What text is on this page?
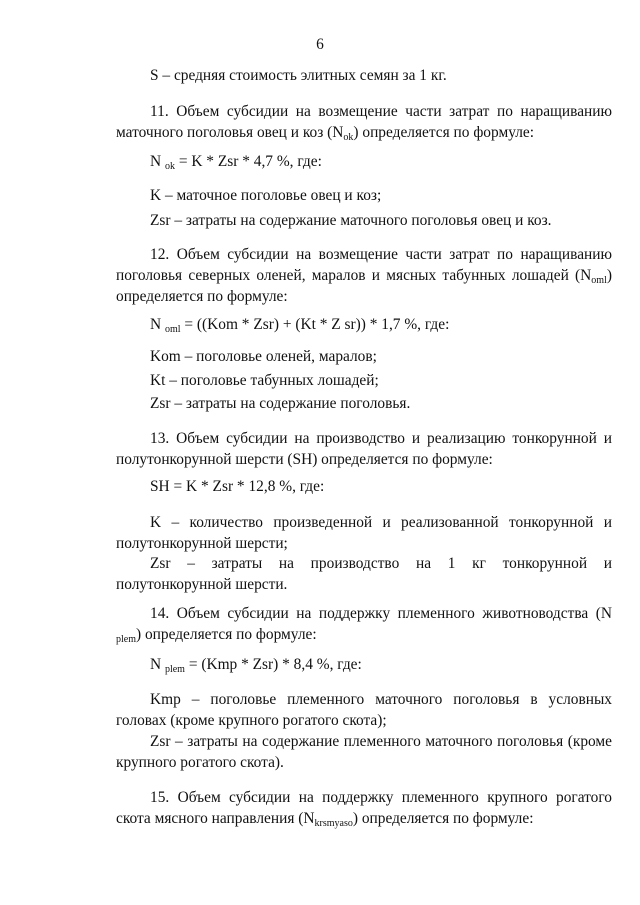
6
S – средняя стоимость элитных семян за 1 кг.
11. Объем субсидии на возмещение части затрат по наращиванию маточного поголовья овец и коз $(N_{ok})$ определяется по формуле:
N $_{ok}$ = K * Zsr * 4,7 %, где:
K – маточное поголовье овец и коз;
Zsr – затраты на содержание маточного поголовья овец и коз.
12. Объем субсидии на возмещение части затрат по наращиванию поголовья северных оленей, маралов и мясных табунных лошадей $(N_{oml})$ определяется по формуле:
N $_{oml}$ = ((Kom * Zsr) + (Kt * Z sr)) * 1,7 %, где:
Kom – поголовье оленей, маралов;
Kt – поголовье табунных лошадей;
Zsr – затраты на содержание поголовья.
13. Объем субсидии на производство и реализацию тонкорунной и полутонкорунной шерсти (SH) определяется по формуле:
SH = K * Zsr * 12,8 %, где:
K – количество произведенной и реализованной тонкорунной и полутонкорунной шерсти;
Zsr – затраты на производство на 1 кг тонкорунной и полутонкорунной шерсти.
14. Объем субсидии на поддержку племенного животноводства (N $_{plem}$) определяется по формуле:
N $_{plem}$ = (Kmp * Zsr) * 8,4 %, где:
Kmp – поголовье племенного маточного поголовья в условных головах (кроме крупного рогатого скота);
Zsr – затраты на содержание племенного маточного поголовья (кроме крупного рогатого скота).
15. Объем субсидии на поддержку племенного крупного рогатого скота мясного направления $(N_{krsmyaso})$ определяется по формуле:
